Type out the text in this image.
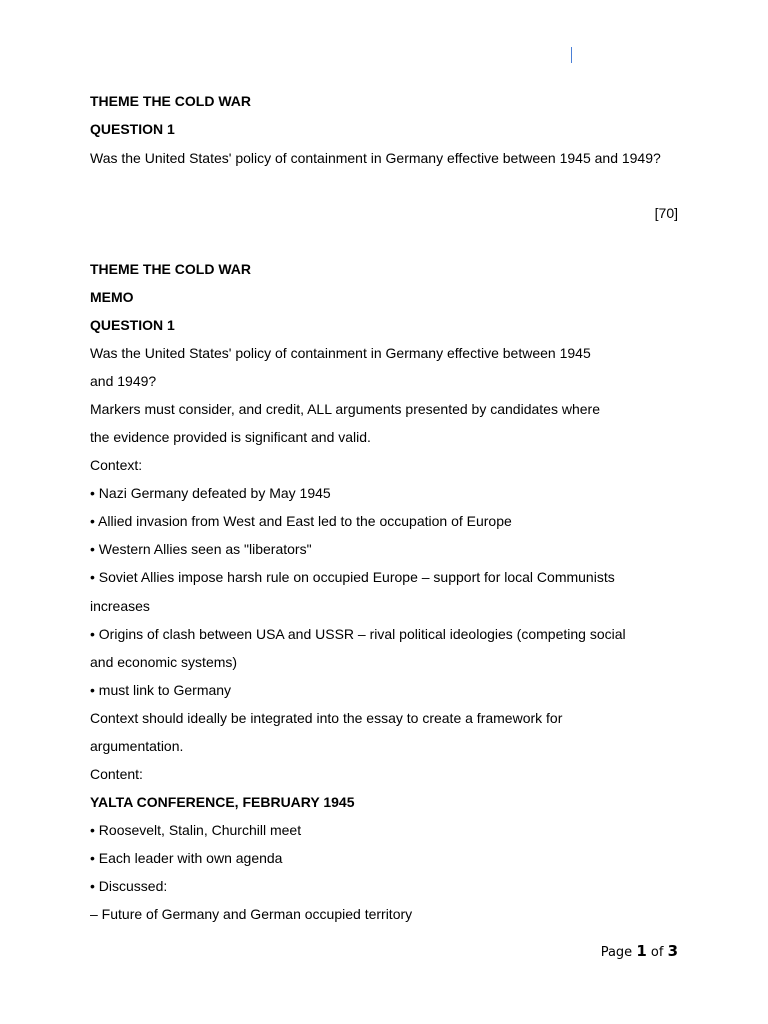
THEME THE COLD WAR
QUESTION 1
Was the United States' policy of containment in Germany effective between 1945 and 1949?
[70]
THEME THE COLD WAR
MEMO
QUESTION 1
Was the United States' policy of containment in Germany effective between 1945
and 1949?
Markers must consider, and credit, ALL arguments presented by candidates where
the evidence provided is significant and valid.
Context:
• Nazi Germany defeated by May 1945
• Allied invasion from West and East led to the occupation of Europe
• Western Allies seen as "liberators"
• Soviet Allies impose harsh rule on occupied Europe – support for local Communists
increases
• Origins of clash between USA and USSR – rival political ideologies (competing social
and economic systems)
• must link to Germany
Context should ideally be integrated into the essay to create a framework for
argumentation.
Content:
YALTA CONFERENCE, FEBRUARY 1945
• Roosevelt, Stalin, Churchill meet
• Each leader with own agenda
• Discussed:
– Future of Germany and German occupied territory
Page 1 of 3
